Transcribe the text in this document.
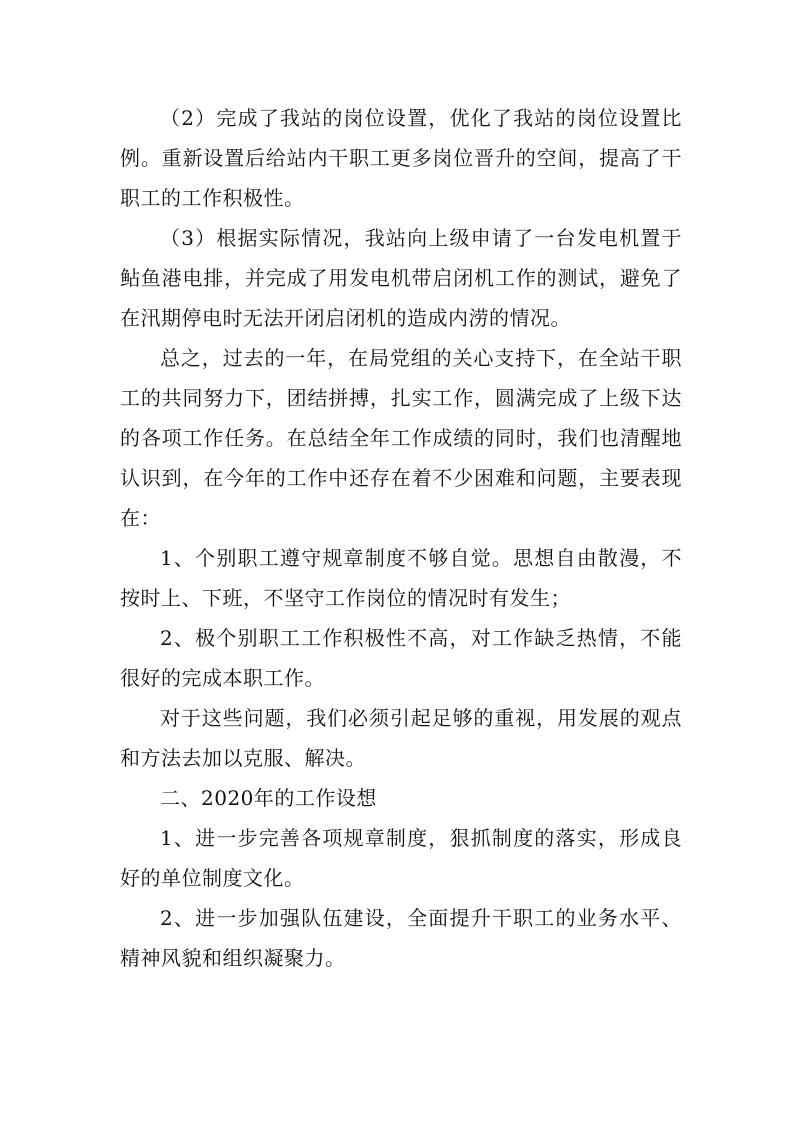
（2）完成了我站的岗位设置，优化了我站的岗位设置比例。重新设置后给站内干职工更多岗位晋升的空间，提高了干职工的工作积极性。

（3）根据实际情况，我站向上级申请了一台发电机置于鲇鱼港电排，并完成了用发电机带启闭机工作的测试，避免了在汛期停电时无法开闭启闭机的造成内涝的情况。

总之，过去的一年，在局党组的关心支持下，在全站干职工的共同努力下，团结拼搏，扎实工作，圆满完成了上级下达的各项工作任务。在总结全年工作成绩的同时，我们也清醒地认识到，在今年的工作中还存在着不少困难和问题，主要表现在：

1、个别职工遵守规章制度不够自觉。思想自由散漫，不按时上、下班，不坚守工作岗位的情况时有发生；

2、极个别职工工作积极性不高，对工作缺乏热情，不能很好的完成本职工作。

对于这些问题，我们必须引起足够的重视，用发展的观点和方法去加以克服、解决。

二、2020年的工作设想

1、进一步完善各项规章制度，狠抓制度的落实，形成良好的单位制度文化。

2、进一步加强队伍建设，全面提升干职工的业务水平、精神风貌和组织凝聚力。
